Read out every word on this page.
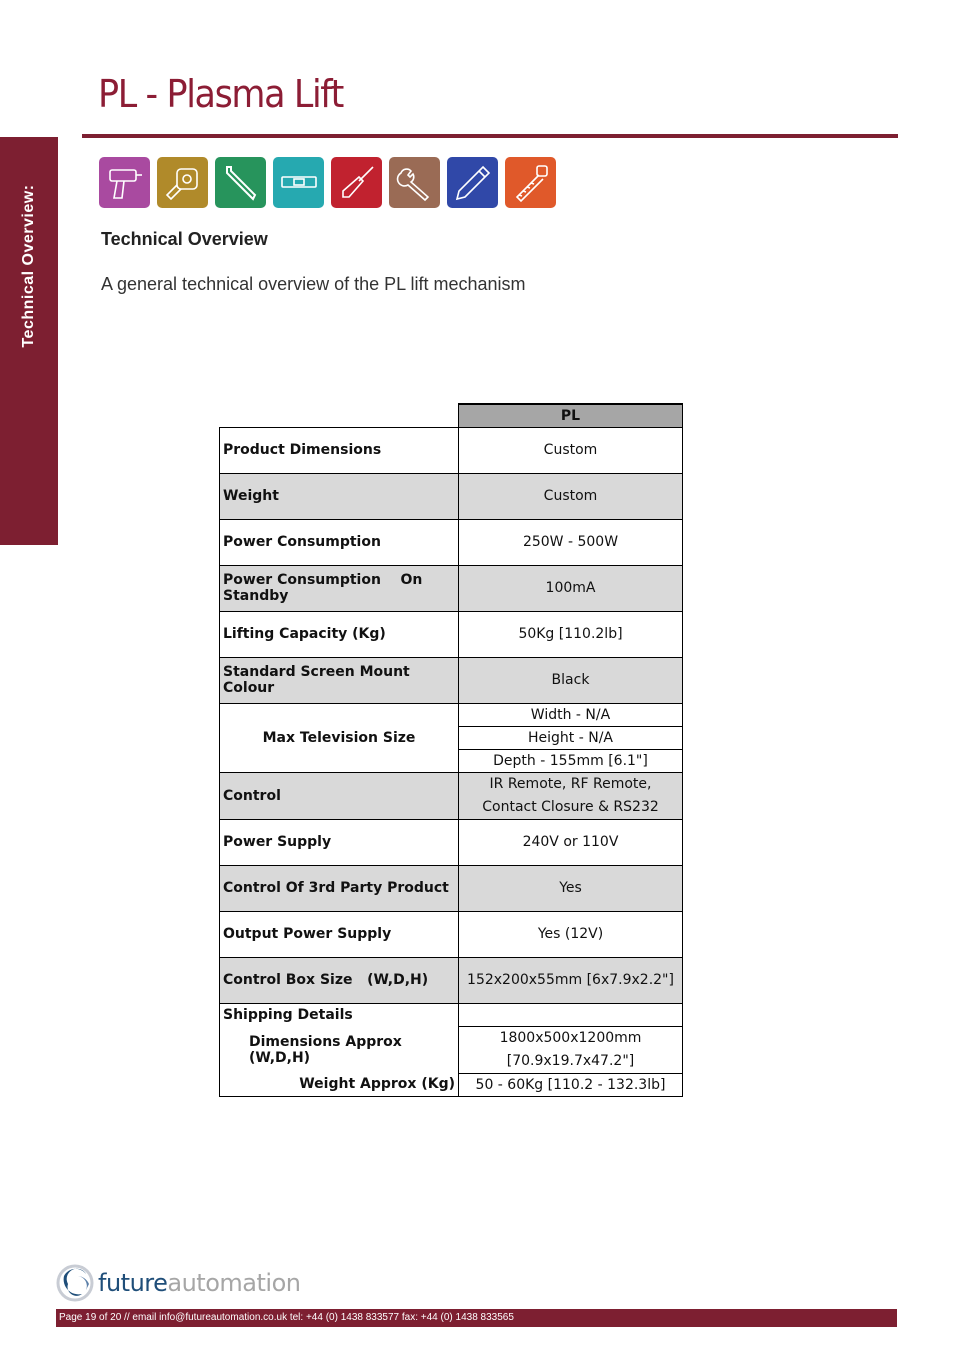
Technical Overview:
PL - Plasma Lift
Technical Overview
A general technical overview of the PL lift mechanism
	PL
Product Dimensions	Custom
Weight	Custom
Power Consumption	250W - 500W
Power Consumption On
Standby	100mA
Lifting Capacity (Kg)	50Kg [110.2lb]
Standard Screen Mount Colour	Black
Max Television Size	Width - N/A
	Height - N/A
	Depth - 155mm [6.1"]
Control	IR Remote, RF Remote,
Contact Closure & RS232
Power Supply	240V or 110V
Control Of 3rd Party Product	Yes
Output Power Supply	Yes (12V)
Control Box Size   (W,D,H)	152x200x55mm [6x7.9x2.2"]
Shipping Details	
Dimensions Approx (W,D,H)	1800x500x1200mm
[70.9x19.7x47.2"]
Weight Approx (Kg)	50 - 60Kg [110.2 - 132.3lb]
futureautomation
Page 19 of 20 // email info@futureautomation.co.uk tel: +44 (0) 1438 833577 fax: +44 (0) 1438 833565
